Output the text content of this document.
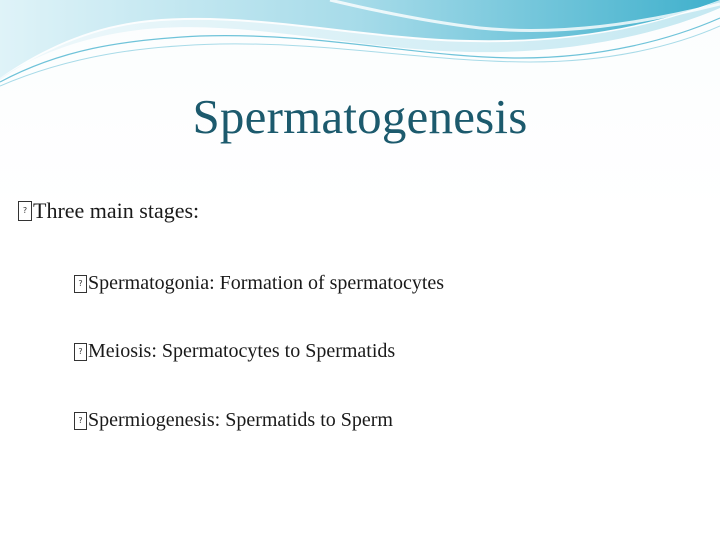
Spermatogenesis
? Three main stages:
? Spermatogonia: Formation of spermatocytes
? Meiosis: Spermatocytes to Spermatids
? Spermiogenesis: Spermatids to Sperm
